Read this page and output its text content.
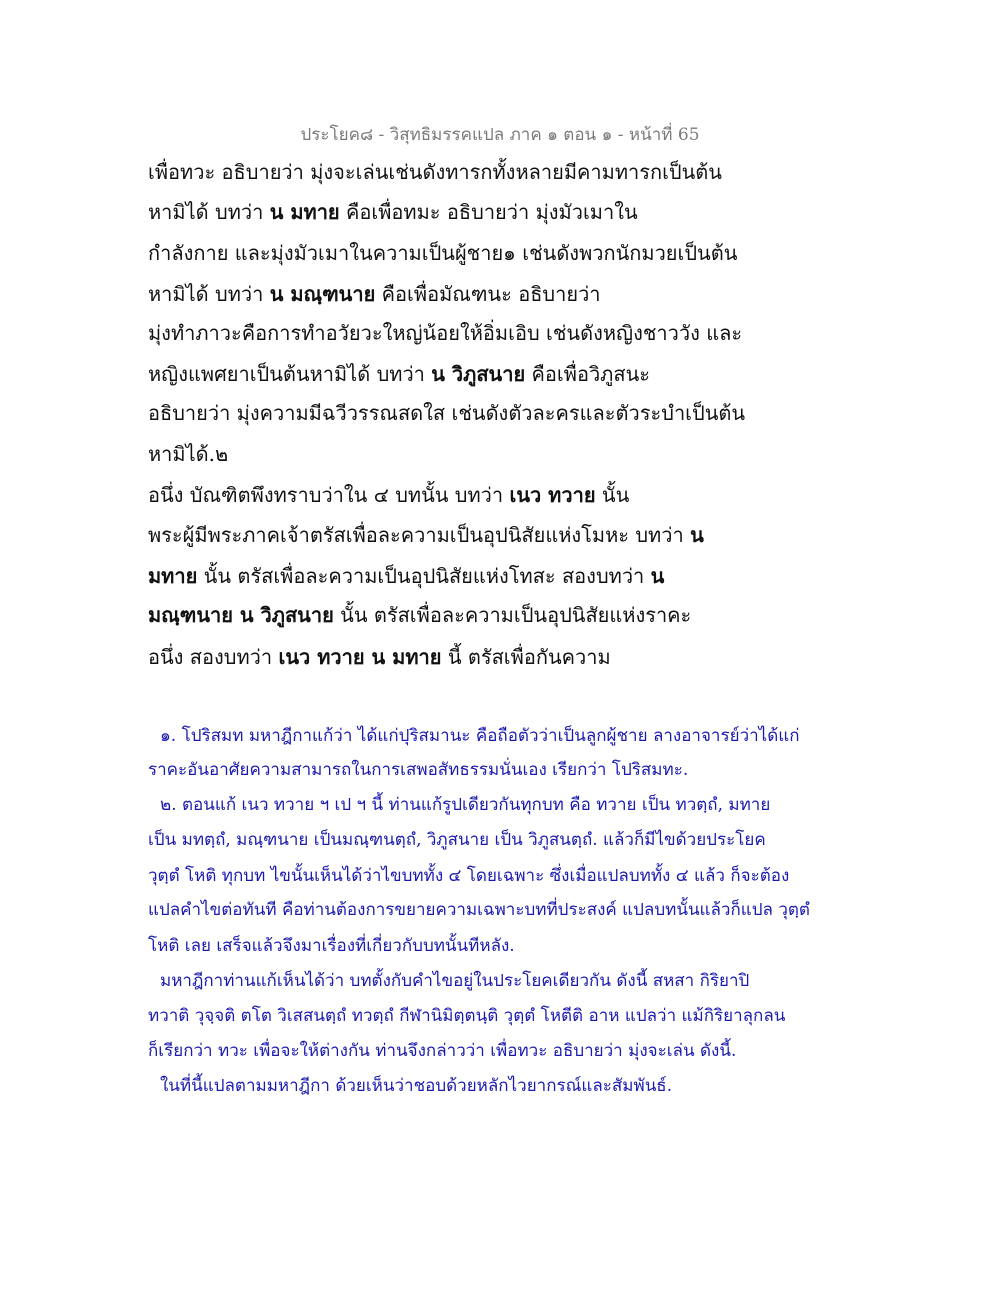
ประโยค๘ - วิสุทธิมรรคแปล ภาค ๑ ตอน ๑ - หน้าที่ 65
เพื่อทวะ อธิบายว่า มุ่งจะเล่นเช่นดังทารกทั้งหลายมีคามทารกเป็นต้น
หามิได้ บทว่า น มทาย คือเพื่อทมะ อธิบายว่า มุ่งมัวเมาใน
กำลังกาย และมุ่งมัวเมาในความเป็นผู้ชาย๑ เช่นดังพวกนักมวยเป็นต้น
หามิได้ บทว่า น มณฺฑนาย คือเพื่อมัณฑนะ อธิบายว่า
มุ่งทำภาวะคือการทำอวัยวะใหญ่น้อยให้อิ่มเอิบ เช่นดังหญิงชาววัง และ
หญิงแพศยาเป็นต้นหามิได้ บทว่า น วิภูสนาย คือเพื่อวิภูสนะ
อธิบายว่า มุ่งความมีฉวีวรรณสดใส เช่นดังตัวละครและตัวระบำเป็นต้น
หามิได้.๒
อนึ่ง บัณฑิตพึงทราบว่าใน ๔ บทนั้น บทว่า เนว ทวาย นั้น
พระผู้มีพระภาคเจ้าตรัสเพื่อละความเป็นอุปนิสัยแห่งโมหะ บทว่า น
มทาย นั้น ตรัสเพื่อละความเป็นอุปนิสัยแห่งโทสะ สองบทว่า น
มณฺฑนาย น วิภูสนาย นั้น ตรัสเพื่อละความเป็นอุปนิสัยแห่งราคะ
อนึ่ง สองบทว่า เนว ทวาย น มทาย นี้ ตรัสเพื่อกันความ
๑. โปริสมท มหาฎีกาแก้ว่า ได้แก่ปุริสมานะ คือถือตัวว่าเป็นลูกผู้ชาย ลางอาจารย์ว่าได้แก่
ราคะอันอาศัยความสามารถในการเสพอสัทธรรมนั่นเอง เรียกว่า โปริสมทะ.
๒. ตอนแก้ เนว ทวาย ฯ เป ฯ นี้ ท่านแก้รูปเดียวกันทุกบท คือ ทวาย เป็น ทวตฺถํ, มทาย
เป็น มทตฺถํ, มณฺฑนาย เป็นมณฺฑนตฺถํ, วิภูสนาย เป็น วิภูสนตฺถํ. แล้วก็มีไขด้วยประโยค
วุตฺตํ โหติ ทุกบท ไขนั้นเห็นได้ว่าไขบททั้ง ๔ โดยเฉพาะ ซึ่งเมื่อแปลบททั้ง ๔ แล้ว ก็จะต้อง
แปลคำไขต่อทันที คือท่านต้องการขยายความเฉพาะบทที่ประสงค์ แปลบทนั้นแล้วก็แปล วุตฺตํ
โหติ เลย เสร็จแล้วจึงมาเรื่องที่เกี่ยวกับบทนั้นทีหลัง.
มหาฎีกาท่านแก้เห็นได้ว่า บทตั้งกับคำไขอยู่ในประโยคเดียวกัน ดังนี้ สหสา กิริยาปิ
ทวาติ วุจฺจติ ตโต วิเสสนตฺถํ ทวตฺถํ กีฬานิมิตฺตนฺติ วุตฺตํ โหตีติ อาห แปลว่า แม้กิริยาลุกลน
ก็เรียกว่า ทวะ เพื่อจะให้ต่างกัน ท่านจึงกล่าวว่า เพื่อทวะ อธิบายว่า มุ่งจะเล่น ดังนี้.
ในที่นี้แปลตามมหาฎีกา ด้วยเห็นว่าชอบด้วยหลักไวยากรณ์และสัมพันธ์.
